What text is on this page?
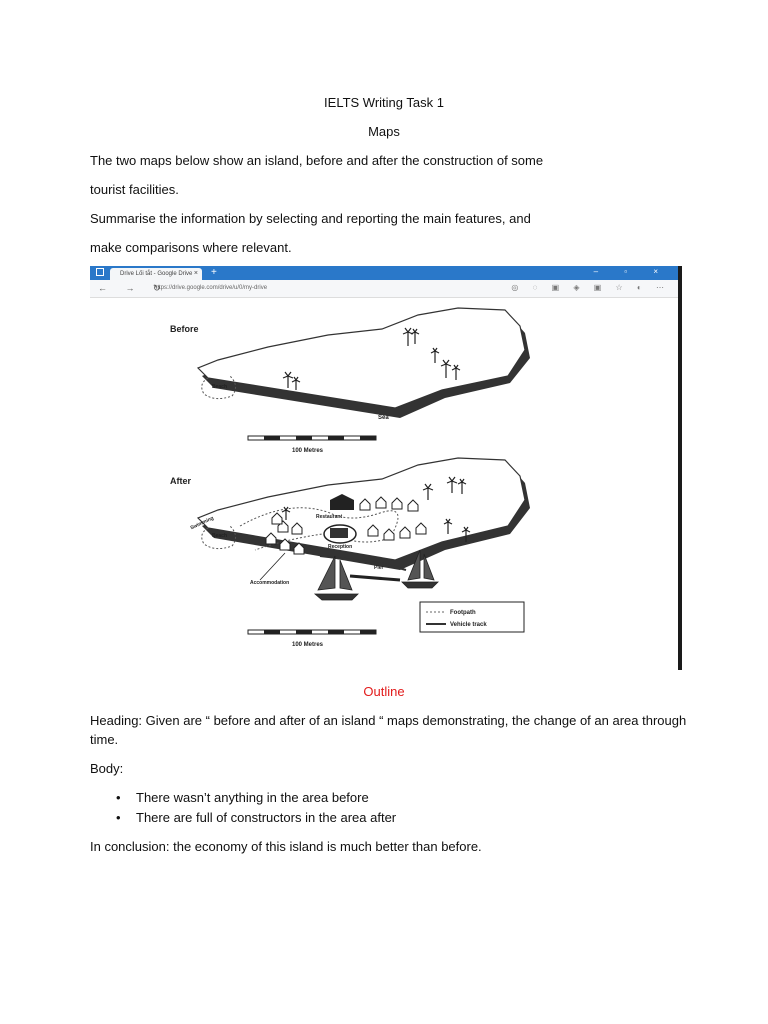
IELTS Writing Task 1
Maps
The two maps below show an island, before and after the construction of some
tourist facilities.
Summarise the information by selecting and reporting the main features, and
make comparisons where relevant.
Drive Lối tắt - Google Drive × +	– ▫ ×
← → ↻
https://drive.google.com/drive/u/0/my-drive	◎ ◌ ▣ ◈ ▣ ☆ ◐ ⋯
Before
Sea
Beach
100 Metres
After
Beach
Swimming	Restaurant
Reception
Accommodation
Pier
Footpath
Vehicle track
100 Metres
Outline
Heading: Given are “ before and after of an island “ maps demonstrating, the change of an area through
time.
Body:
• There wasn’t anything in the area before
• There are full of constructors in the area after
In conclusion: the economy of this island is much better than before.
